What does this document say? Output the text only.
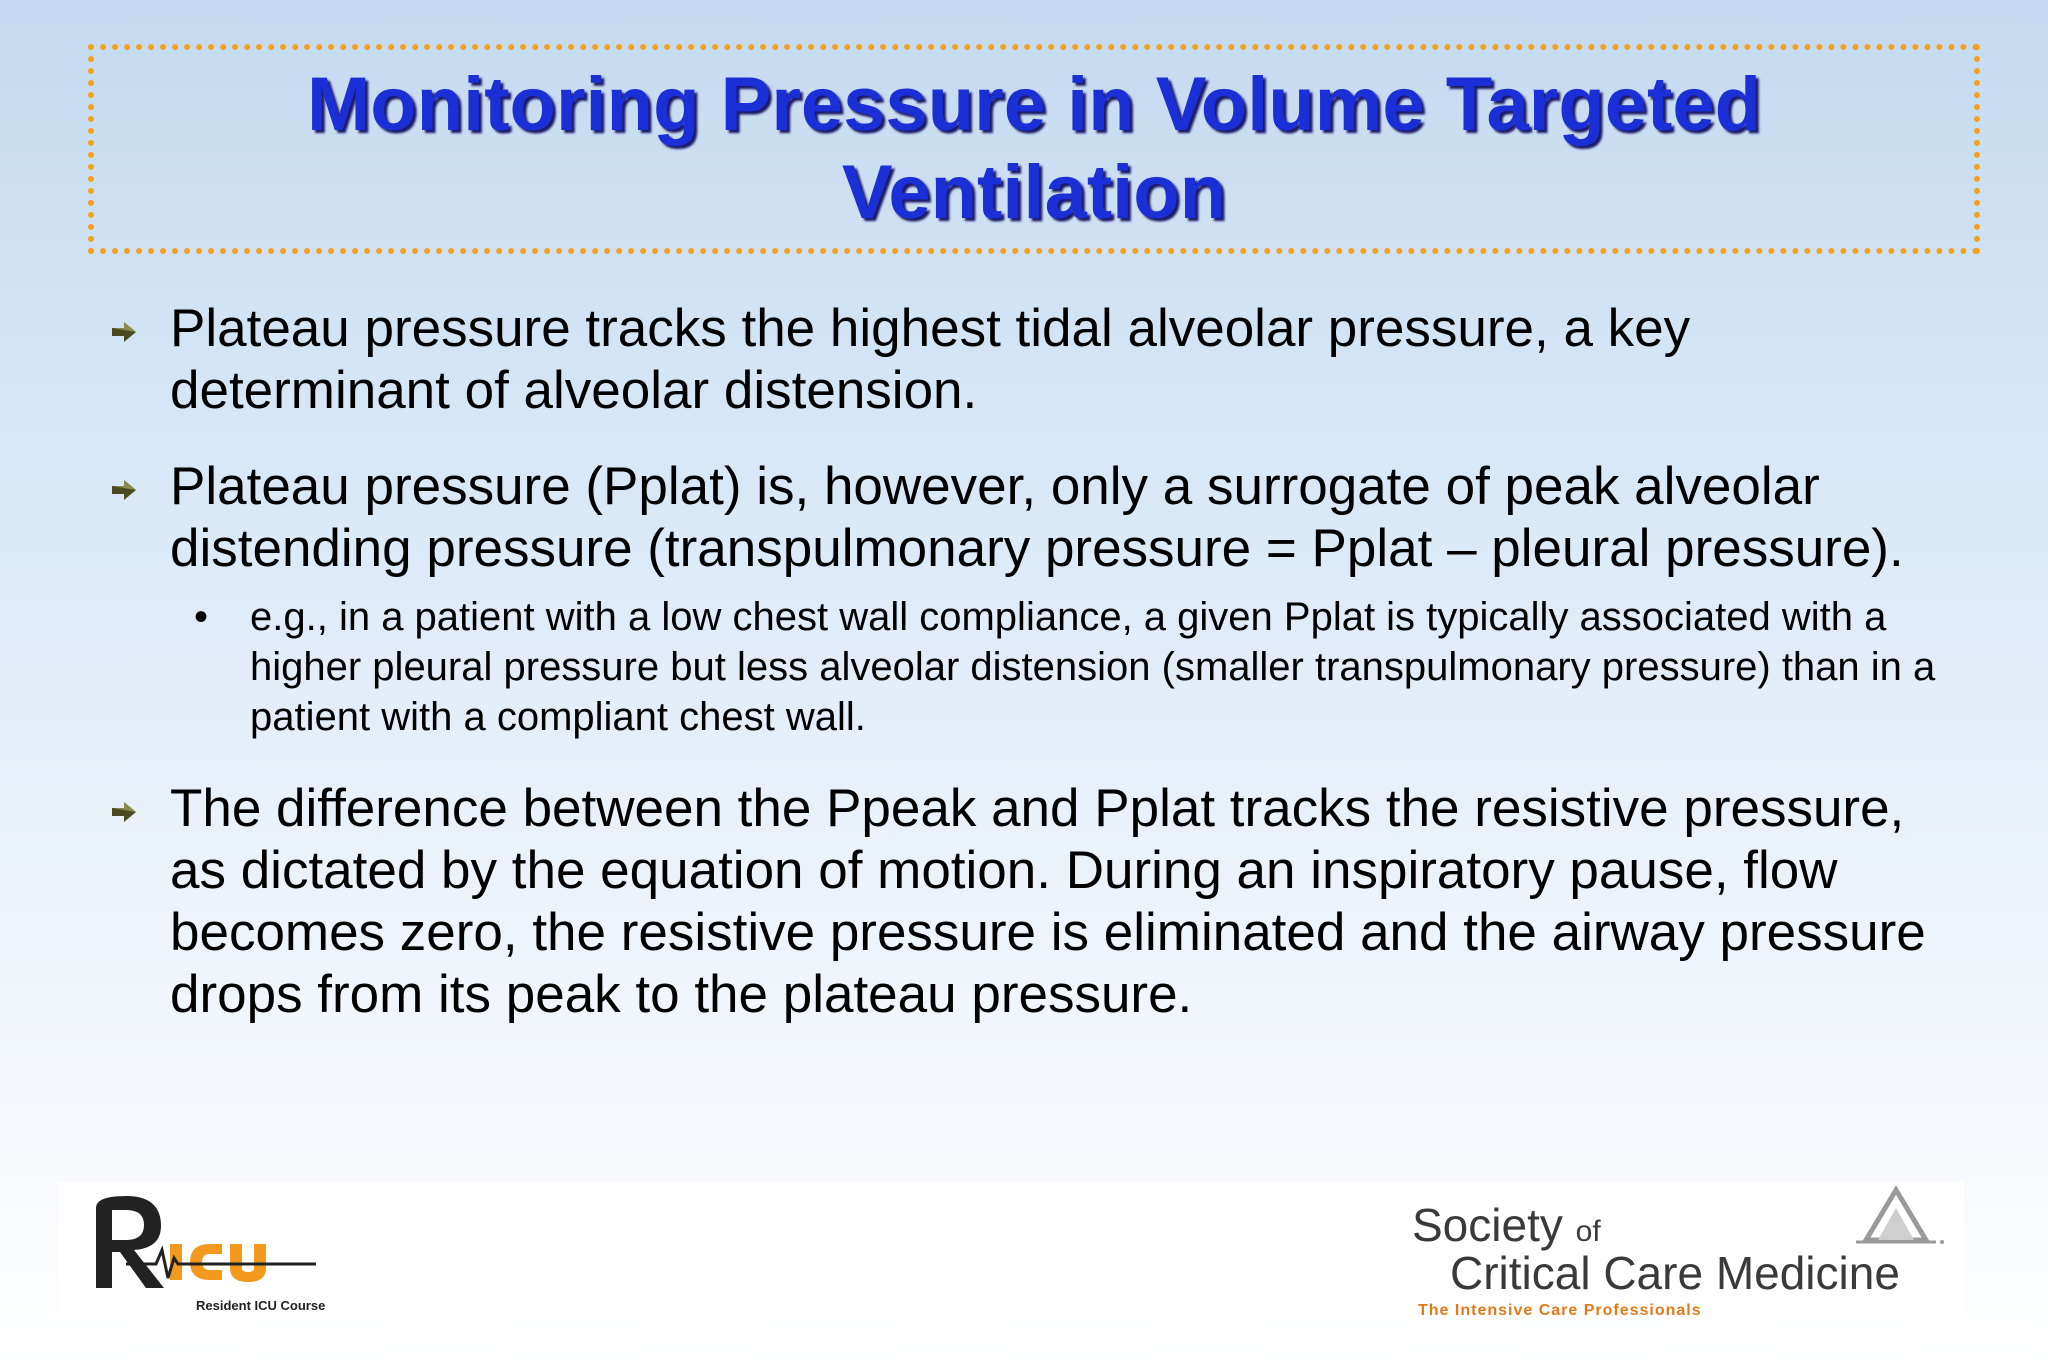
Monitoring Pressure in Volume Targeted Ventilation
Plateau pressure tracks the highest tidal alveolar pressure, a key determinant of alveolar distension.
Plateau pressure (Pplat) is, however, only a surrogate of peak alveolar distending pressure (transpulmonary pressure = Pplat – pleural pressure).
• e.g., in a patient with a low chest wall compliance, a given Pplat is typically associated with a higher pleural pressure but less alveolar distension (smaller transpulmonary pressure) than in a patient with a compliant chest wall.
The difference between the Ppeak and Pplat tracks the resistive pressure, as dictated by the equation of motion. During an inspiratory pause, flow becomes zero, the resistive pressure is eliminated and the airway pressure drops from its peak to the plateau pressure.
Resident ICU Course
Society of
Critical Care Medicine
The Intensive Care Professionals
